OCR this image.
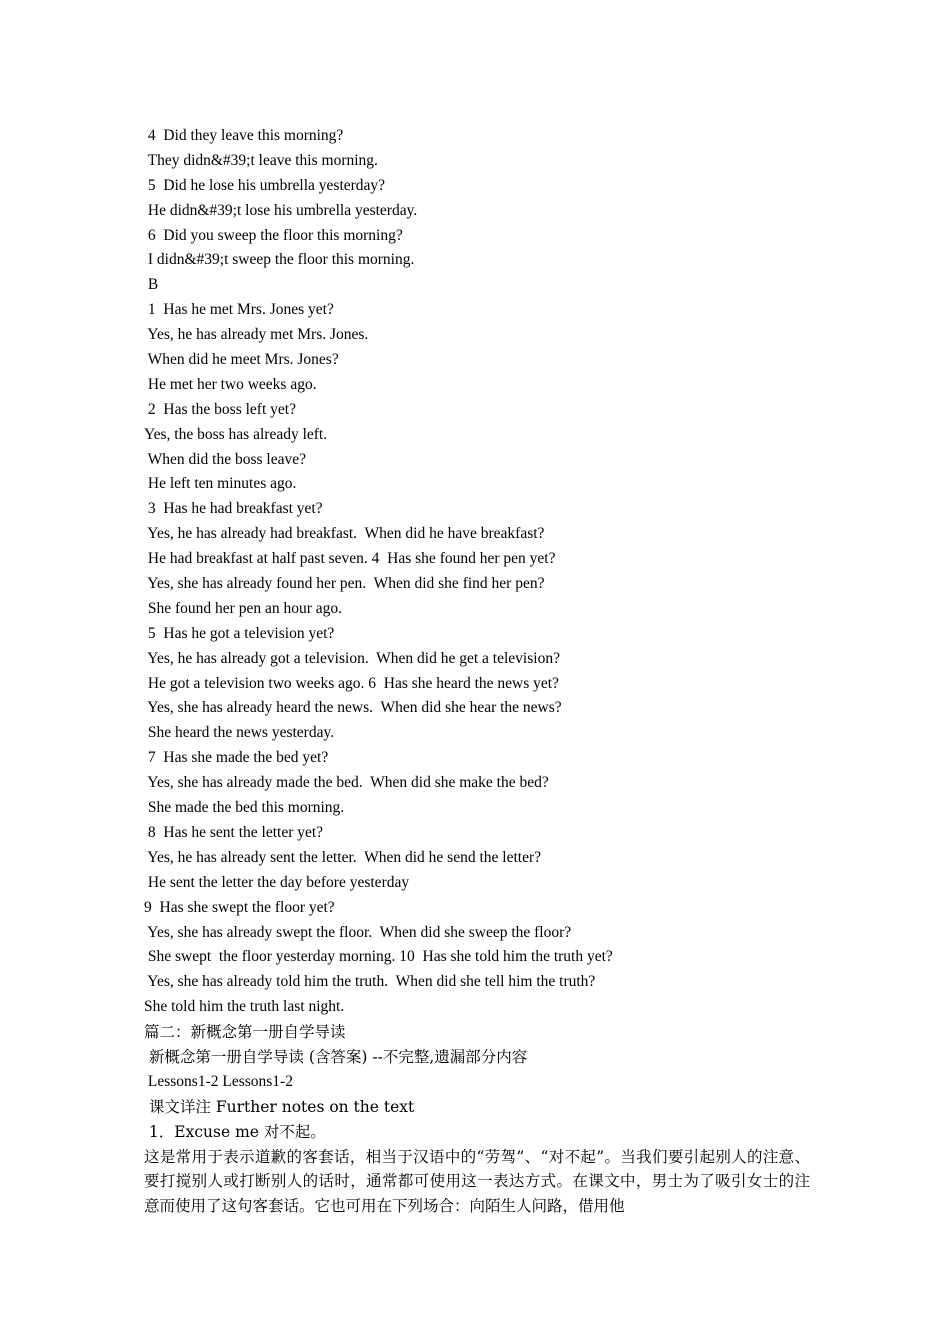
4  Did they leave this morning?
They didn&#39;t leave this morning.
5  Did he lose his umbrella yesterday?
He didn&#39;t lose his umbrella yesterday.
6  Did you sweep the floor this morning?
I didn&#39;t sweep the floor this morning.
B
1  Has he met Mrs. Jones yet?
Yes, he has already met Mrs. Jones.
When did he meet Mrs. Jones?
He met her two weeks ago.
2  Has the boss left yet?
Yes, the boss has already left.
When did the boss leave?
He left ten minutes ago.
3  Has he had breakfast yet?
Yes, he has already had breakfast.  When did he have breakfast?
He had breakfast at half past seven. 4  Has she found her pen yet?
Yes, she has already found her pen.  When did she find her pen?
She found her pen an hour ago.
5  Has he got a television yet?
Yes, he has already got a television.  When did he get a television?
He got a television two weeks ago. 6  Has she heard the news yet?
Yes, she has already heard the news.  When did she hear the news?
She heard the news yesterday.
7  Has she made the bed yet?
Yes, she has already made the bed.  When did she make the bed?
She made the bed this morning.
8  Has he sent the letter yet?
Yes, he has already sent the letter.  When did he send the letter?
He sent the letter the day before yesterday
9  Has she swept the floor yet?
Yes, she has already swept the floor.  When did she sweep the floor?
She swept  the floor yesterday morning. 10  Has she told him the truth yet?
Yes, she has already told him the truth.  When did she tell him the truth?
She told him the truth last night.
篇二：新概念第一册自学导读
新概念第一册自学导读 (含答案) --不完整,遗漏部分内容
Lessons1-2 Lessons1-2
课文详注 Further notes on the text
1．Excuse me 对不起。
这是常用于表示道歉的客套话，相当于汉语中的“劳驾”、“对不起”。当我们要引起别人的注意、要打搅别人或打断别人的话时，通常都可使用这一表达方式。在课文中，男士为了吸引女士的注意而使用了这句客套话。它也可用在下列场合：向陌生人问路，借用他
